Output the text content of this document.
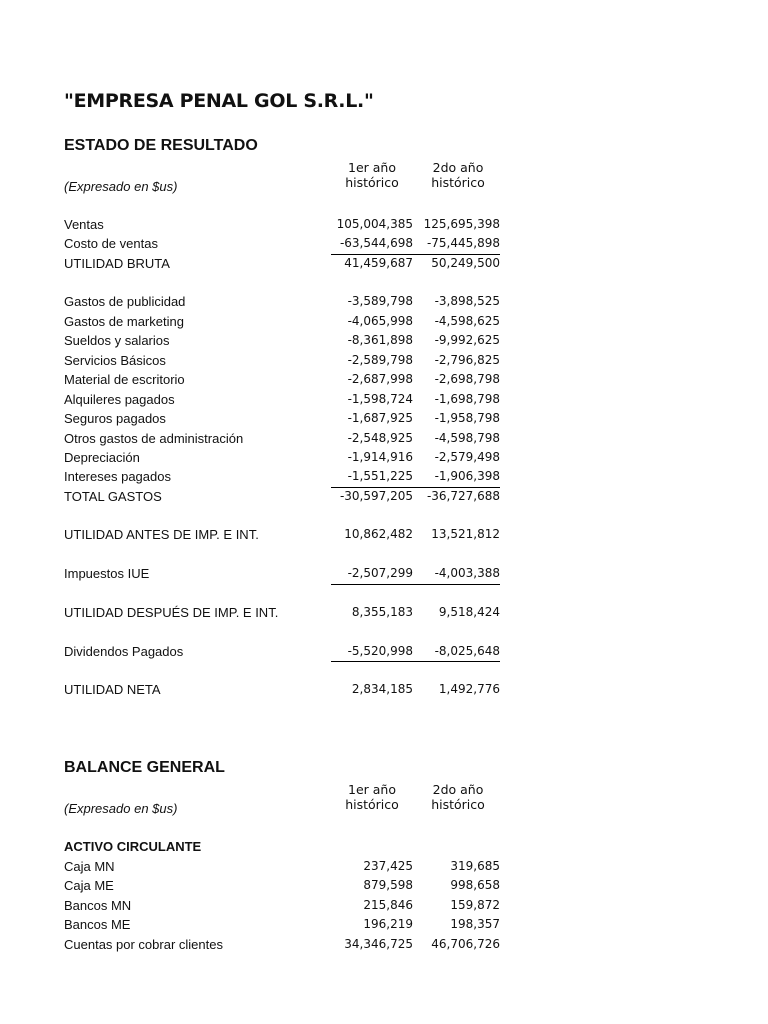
"EMPRESA PENAL GOL S.R.L."
ESTADO DE RESULTADO
1er año
histórico
2do año
histórico
(Expresado en $us)
Ventas	105,004,385 125,695,398
Costo de ventas	-63,544,698 -75,445,898
UTILIDAD BRUTA	41,459,687 50,249,500
Gastos de publicidad	-3,589,798 -3,898,525
Gastos de marketing	-4,065,998 -4,598,625
Sueldos y salarios	-8,361,898 -9,992,625
Servicios Básicos	-2,589,798 -2,796,825
Material de escritorio	-2,687,998 -2,698,798
Alquileres pagados	-1,598,724 -1,698,798
Seguros pagados	-1,687,925 -1,958,798
Otros gastos de administración	-2,548,925 -4,598,798
Depreciación	-1,914,916 -2,579,498
Intereses pagados	-1,551,225 -1,906,398
TOTAL GASTOS	-30,597,205 -36,727,688
UTILIDAD ANTES DE IMP. E INT.	10,862,482 13,521,812
Impuestos IUE	-2,507,299 -4,003,388
UTILIDAD DESPUÉS DE IMP. E INT.	8,355,183 9,518,424
Dividendos Pagados	-5,520,998 -8,025,648
UTILIDAD NETA	2,834,185 1,492,776
BALANCE GENERAL
1er año
histórico
2do año
histórico
(Expresado en $us)
ACTIVO CIRCULANTE
Caja MN	237,425	319,685
Caja ME	879,598	998,658
Bancos MN	215,846	159,872
Bancos ME	196,219	198,357
Cuentas por cobrar clientes	34,346,725 46,706,726
